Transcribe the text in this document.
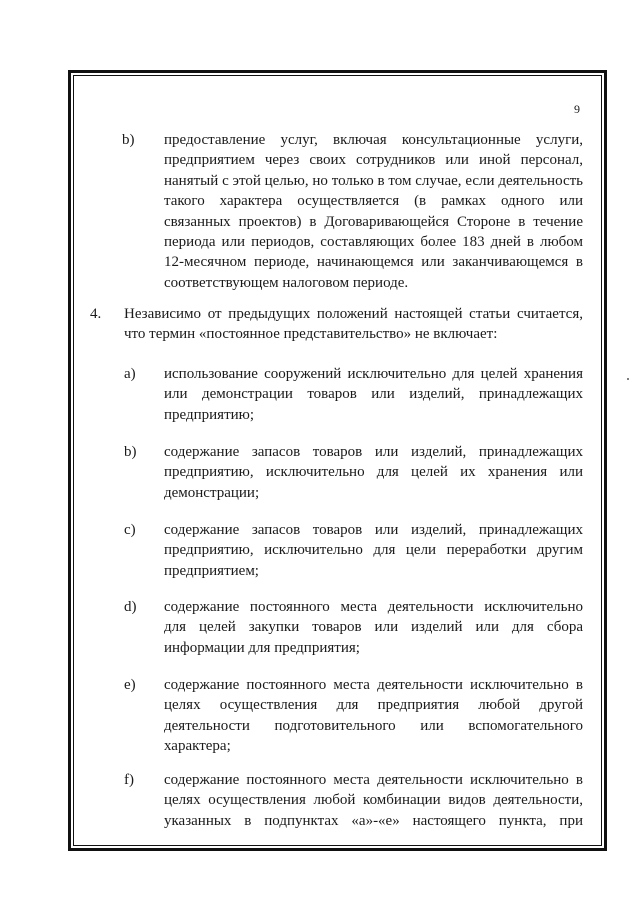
9
b) предоставление услуг, включая консультационные услуги,
предприятием через своих сотрудников или иной персонал,
нанятый с этой целью, но только в том случае, если деятельность
такого характера осуществляется (в рамках одного или
связанных проектов) в Договаривающейся Стороне в течение
периода или периодов, составляющих более 183 дней в любом
12-месячном периоде, начинающемся или заканчивающемся в
соответствующем налоговом периоде.
4. Независимо от предыдущих положений настоящей статьи считается,
что термин «постоянное представительство» не включает:
a) использование сооружений исключительно для целей хранения
или демонстрации товаров или изделий, принадлежащих
предприятию;
b) содержание запасов товаров или изделий, принадлежащих
предприятию, исключительно для целей их хранения или
демонстрации;
c) содержание запасов товаров или изделий, принадлежащих
предприятию, исключительно для цели переработки другим
предприятием;
d) содержание постоянного места деятельности исключительно
для целей закупки товаров или изделий или для сбора
информации для предприятия;
e) содержание постоянного места деятельности исключительно в
целях осуществления для предприятия любой другой
деятельности подготовительного или вспомогательного
характера;
f) содержание постоянного места деятельности исключительно в
целях осуществления любой комбинации видов деятельности,
указанных в подпунктах «а»-«е» настоящего пункта, при
